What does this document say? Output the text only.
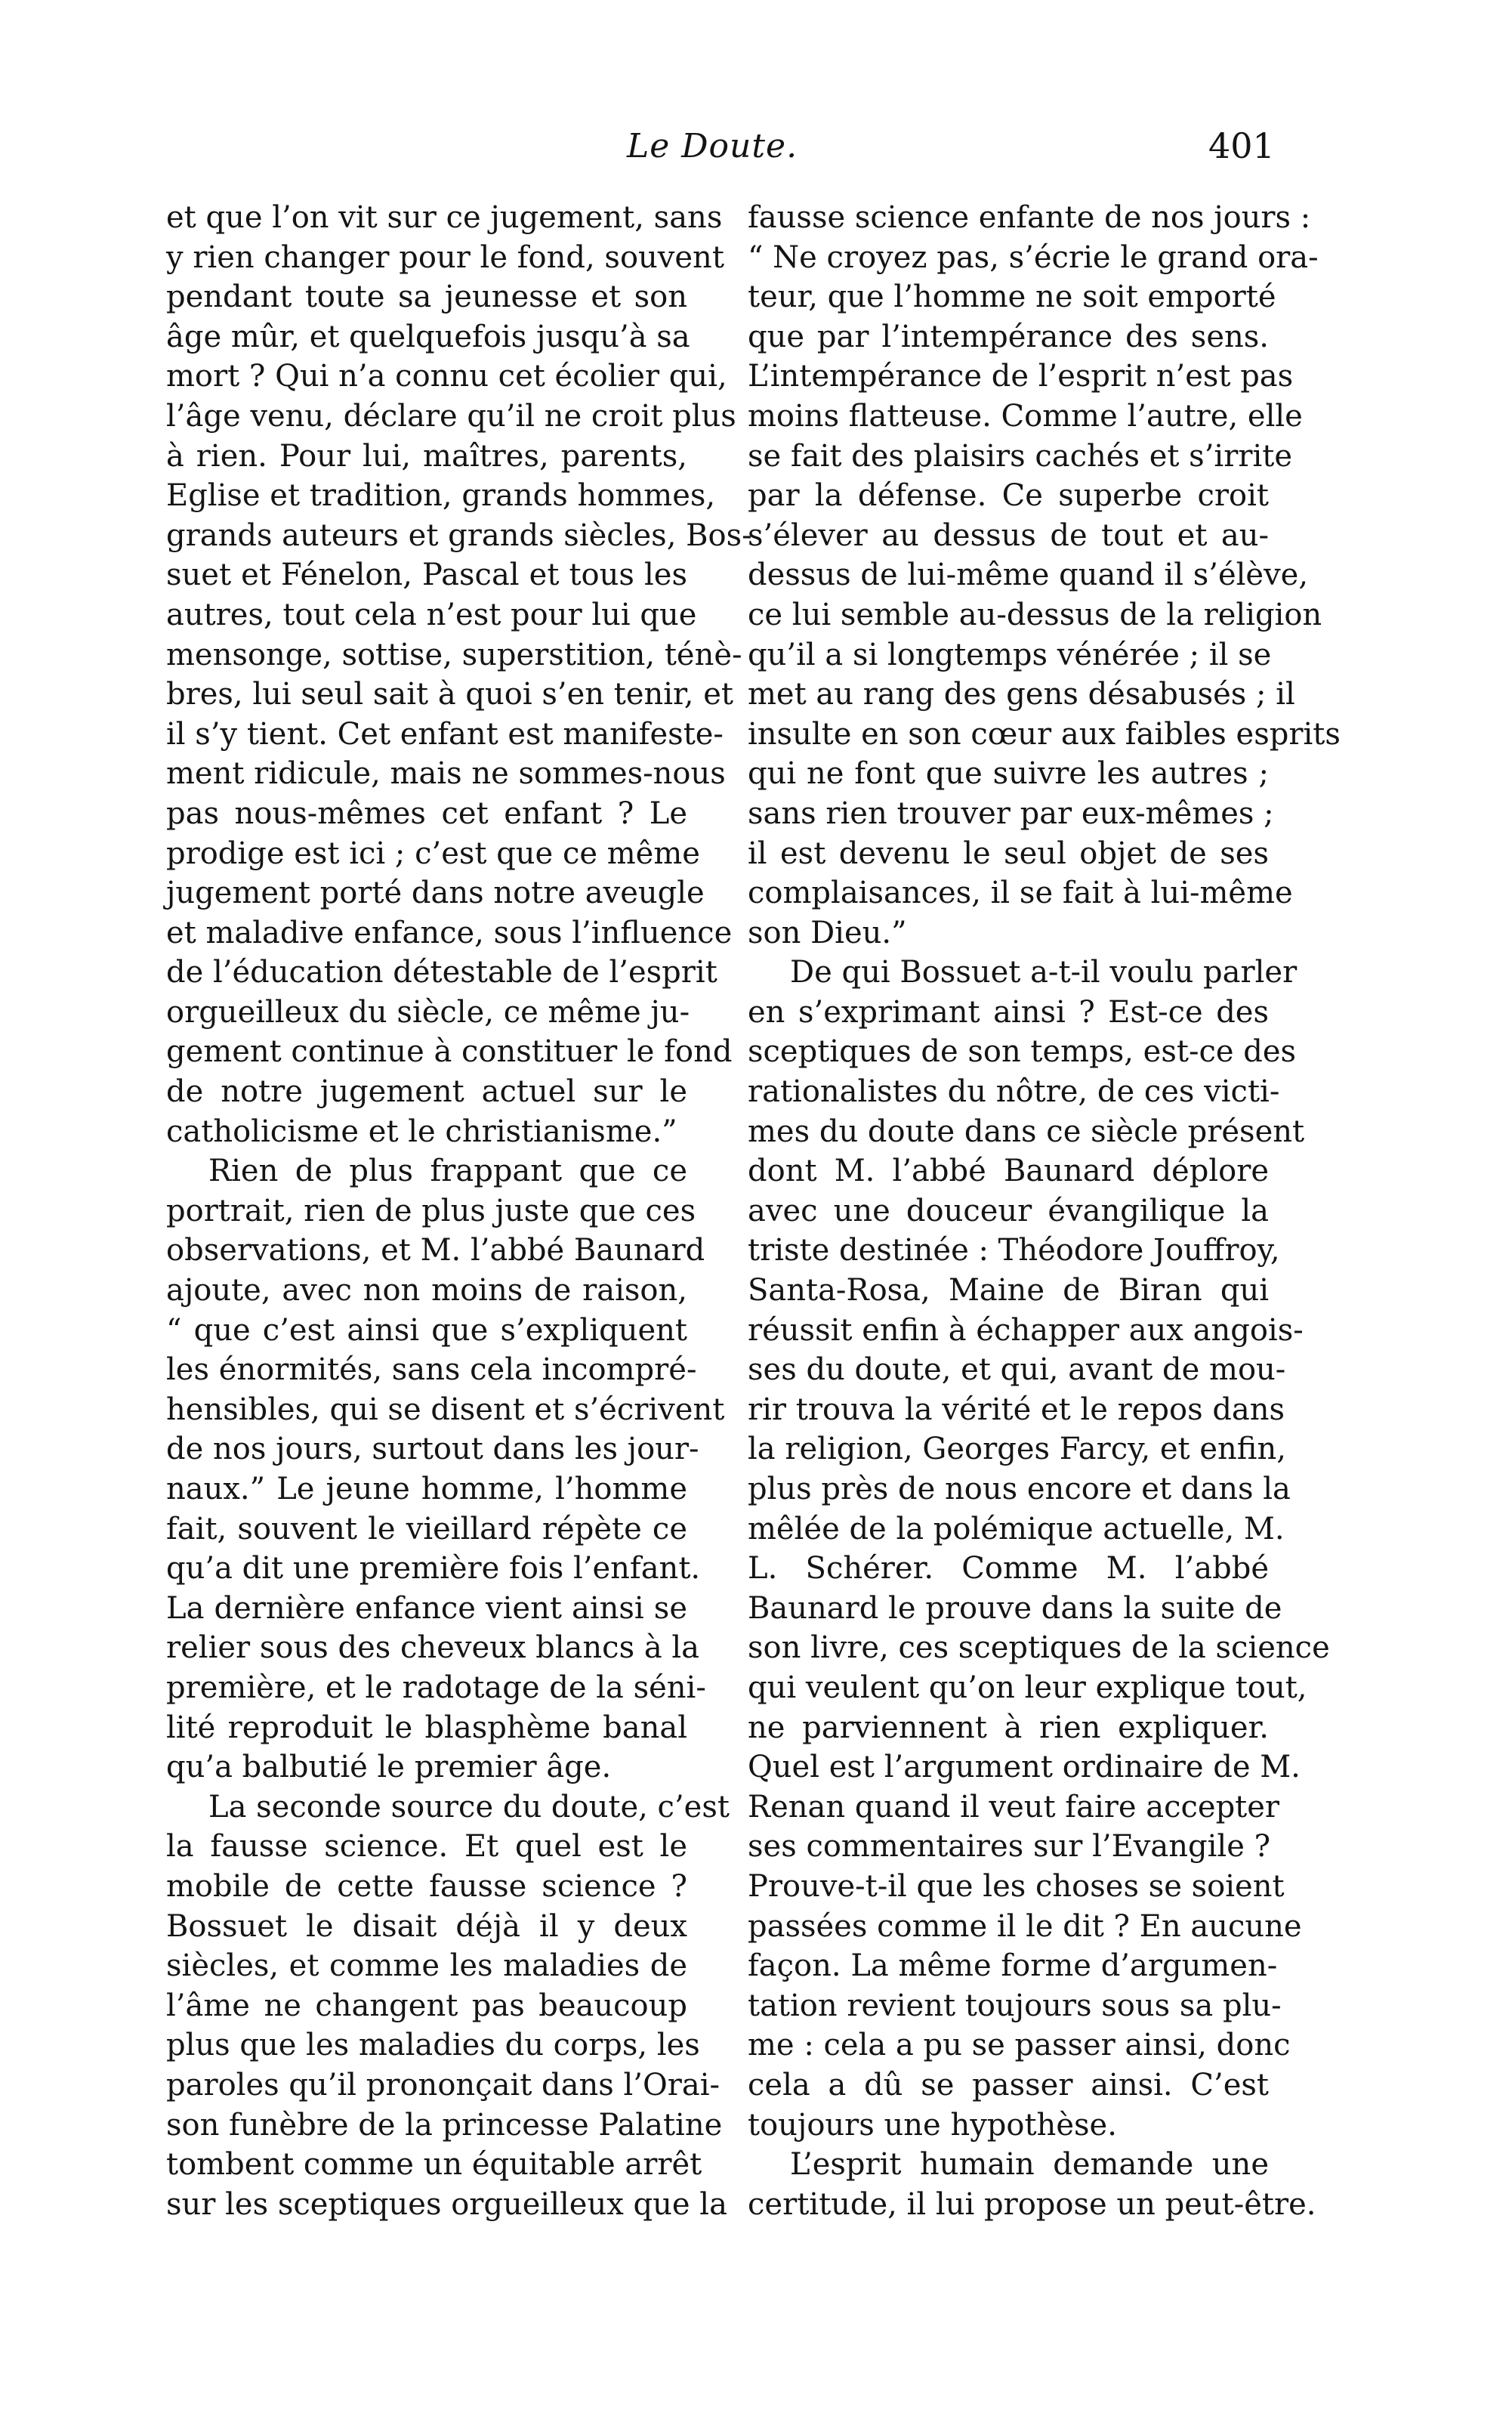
Le Doute.	401
et que l’on vit sur ce jugement, sans
y rien changer pour le fond, souvent
pendant toute sa jeunesse et son
âge mûr, et quelquefois jusqu’à sa
mort ? Qui n’a connu cet écolier qui,
l’âge venu, déclare qu’il ne croit plus
à rien. Pour lui, maîtres, parents,
Eglise et tradition, grands hommes,
grands auteurs et grands siècles, Bos-
suet et Fénelon, Pascal et tous les
autres, tout cela n’est pour lui que
mensonge, sottise, superstition, ténè-
bres, lui seul sait à quoi s’en tenir, et
il s’y tient. Cet enfant est manifeste-
ment ridicule, mais ne sommes-nous
pas nous-mêmes cet enfant ? Le
prodige est ici ; c’est que ce même
jugement porté dans notre aveugle
et maladive enfance, sous l’influence
de l’éducation détestable de l’esprit
orgueilleux du siècle, ce même ju-
gement continue à constituer le fond
de notre jugement actuel sur le
catholicisme et le christianisme.”
Rien de plus frappant que ce
portrait, rien de plus juste que ces
observations, et M. l’abbé Baunard
ajoute, avec non moins de raison,
“ que c’est ainsi que s’expliquent
les énormités, sans cela incompré-
hensibles, qui se disent et s’écrivent
de nos jours, surtout dans les jour-
naux.” Le jeune homme, l’homme
fait, souvent le vieillard répète ce
qu’a dit une première fois l’enfant.
La dernière enfance vient ainsi se
relier sous des cheveux blancs à la
première, et le radotage de la séni-
lité reproduit le blasphème banal
qu’a balbutié le premier âge.
La seconde source du doute, c’est
la fausse science. Et quel est le
mobile de cette fausse science ?
Bossuet le disait déjà il y deux
siècles, et comme les maladies de
l’âme ne changent pas beaucoup
plus que les maladies du corps, les
paroles qu’il prononçait dans l’Orai-
son funèbre de la princesse Palatine
tombent comme un équitable arrêt
sur les sceptiques orgueilleux que la
fausse science enfante de nos jours :
“ Ne croyez pas, s’écrie le grand ora-
teur, que l’homme ne soit emporté
que par l’intempérance des sens.
L’intempérance de l’esprit n’est pas
moins flatteuse. Comme l’autre, elle
se fait des plaisirs cachés et s’irrite
par la défense. Ce superbe croit
s’élever au dessus de tout et au-
dessus de lui-même quand il s’élève,
ce lui semble au-dessus de la religion
qu’il a si longtemps vénérée ; il se
met au rang des gens désabusés ; il
insulte en son cœur aux faibles esprits
qui ne font que suivre les autres ;
sans rien trouver par eux-mêmes ;
il est devenu le seul objet de ses
complaisances, il se fait à lui-même
son Dieu.”
De qui Bossuet a-t-il voulu parler
en s’exprimant ainsi ? Est-ce des
sceptiques de son temps, est-ce des
rationalistes du nôtre, de ces victi-
mes du doute dans ce siècle présent
dont M. l’abbé Baunard déplore
avec une douceur évangilique la
triste destinée : Théodore Jouffroy,
Santa-Rosa, Maine de Biran qui
réussit enfin à échapper aux angois-
ses du doute, et qui, avant de mou-
rir trouva la vérité et le repos dans
la religion, Georges Farcy, et enfin,
plus près de nous encore et dans la
mêlée de la polémique actuelle, M.
L. Schérer. Comme M. l’abbé
Baunard le prouve dans la suite de
son livre, ces sceptiques de la science
qui veulent qu’on leur explique tout,
ne parviennent à rien expliquer.
Quel est l’argument ordinaire de M.
Renan quand il veut faire accepter
ses commentaires sur l’Evangile ?
Prouve-t-il que les choses se soient
passées comme il le dit ? En aucune
façon. La même forme d’argumen-
tation revient toujours sous sa plu-
me : cela a pu se passer ainsi, donc
cela a dû se passer ainsi. C’est
toujours une hypothèse.
L’esprit humain demande une
certitude, il lui propose un peut-être.
